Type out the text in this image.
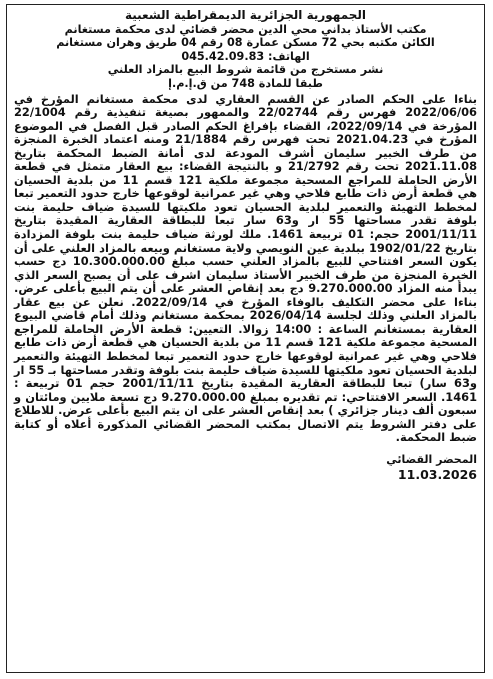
الجمهورية الجزائرية الديمقراطية الشعبية
مكتب الأستاذ بداني محي الدين محضر قضائي لدى محكمة مستغانم
الكائن مكتبه بحي 72 مسكن عمارة 08 رقم 04 طريق وهران مستغانم
الهاتف: 045.42.09.83
نشر مستخرج من قائمة شروط البيع بالمزاد العلني
طبقا للمادة 748 من ق.إ.م.إ

بناءا على الحكم الصادر عن القسم العقاري لدى محكمة مستغانم المؤرخ في 2022/06/06 فهرس رقم 22/02744 والممهور بصيغة تنفيذية رقم 22/1004 المؤرخة في 2022/09/14، القضاء بإفراغ الحكم الصادر قبل الفصل في الموضوع المؤرخ في 2021.04.23 تحت فهرس رقم 21/1884 ومنه اعتماد الخبرة المنجزة من طرف الخبير سليمان أشرف المودعة لدى أمانة الضبط المحكمة بتاريخ 2021.11.08 تحت رقم 21/2792 و بالنتيجة القضاء: بيع العقار متمثل في قطعة الأرض الحاملة للمراجع المسحية مجموعة ملكية 121 قسم 11 من بلدية الحسيان هي قطعة أرض ذات طابع فلاحي وهي غير عمرانية لوقوعها خارج حدود التعمير تبعا لمخطط التهيئة والتعمير لبلدية الحسيان تعود ملكيتها للسيدة ضياف حليمة بنت بلوفة تقدر مساحتها 55 ار و63 سار تبعا للبطاقة العقارية المقيدة بتاريخ 2001/11/11 حجم: 01 تربيعة 1461. ملك لورثة ضياف حليمة بنت بلوفة المزدادة بتاريخ 1902/01/22 ببلدية عين النويصي ولاية مستغانم وبيعه بالمزاد العلني على أن يكون السعر افتتاحي للبيع بالمزاد العلني حسب مبلغ 10.300.000.00 دج حسب الخبرة المنجزة من طرف الخبير الأستاذ سليمان اشرف على أن يصبح السعر الذي يبدأ منه المزاد 9.270.000.00 دج بعد إنقاص العشر على أن يتم البيع بأعلى عرض. بناءا على محضر التكليف بالوفاء المؤرخ في 2022/09/14. نعلن عن بيع عقار بالمزاد العلني وذلك لجلسة 2026/04/14 بمحكمة مستغانم وذلك أمام قاضي البيوع العقارية بمستغانم الساعة : 14:00 زوالا. التعيين: قطعة الأرض الحاملة للمراجع المسحية مجموعة ملكية 121 قسم 11 من بلدية الحسيان هي قطعة أرض ذات طابع فلاحي وهي غير عمرانية لوقوعها خارج حدود التعمير تبعا لمخطط التهيئة والتعمير لبلدية الحسيان تعود ملكيتها للسيدة ضياف حليمة بنت بلوفة وتقدر مساحتها بـ 55 ار و63 سار) تبعا للبطاقة العقارية المقيدة بتاريخ 2001/11/11 حجم 01 تربيعة : 1461. السعر الافتتاحي: تم تقديره بمبلغ 9.270.000.00 دج تسعة ملايين ومائتان و سبعون ألف دينار جزائري ) بعد إنقاص العشر على ان يتم البيع بأعلى عرض. للاطلاع على دفتر الشروط يتم الاتصال بمكتب المحضر القضائي المذكورة أعلاه أو كتابة ضبط المحكمة.

المحضر القضائي
11.03.2026
